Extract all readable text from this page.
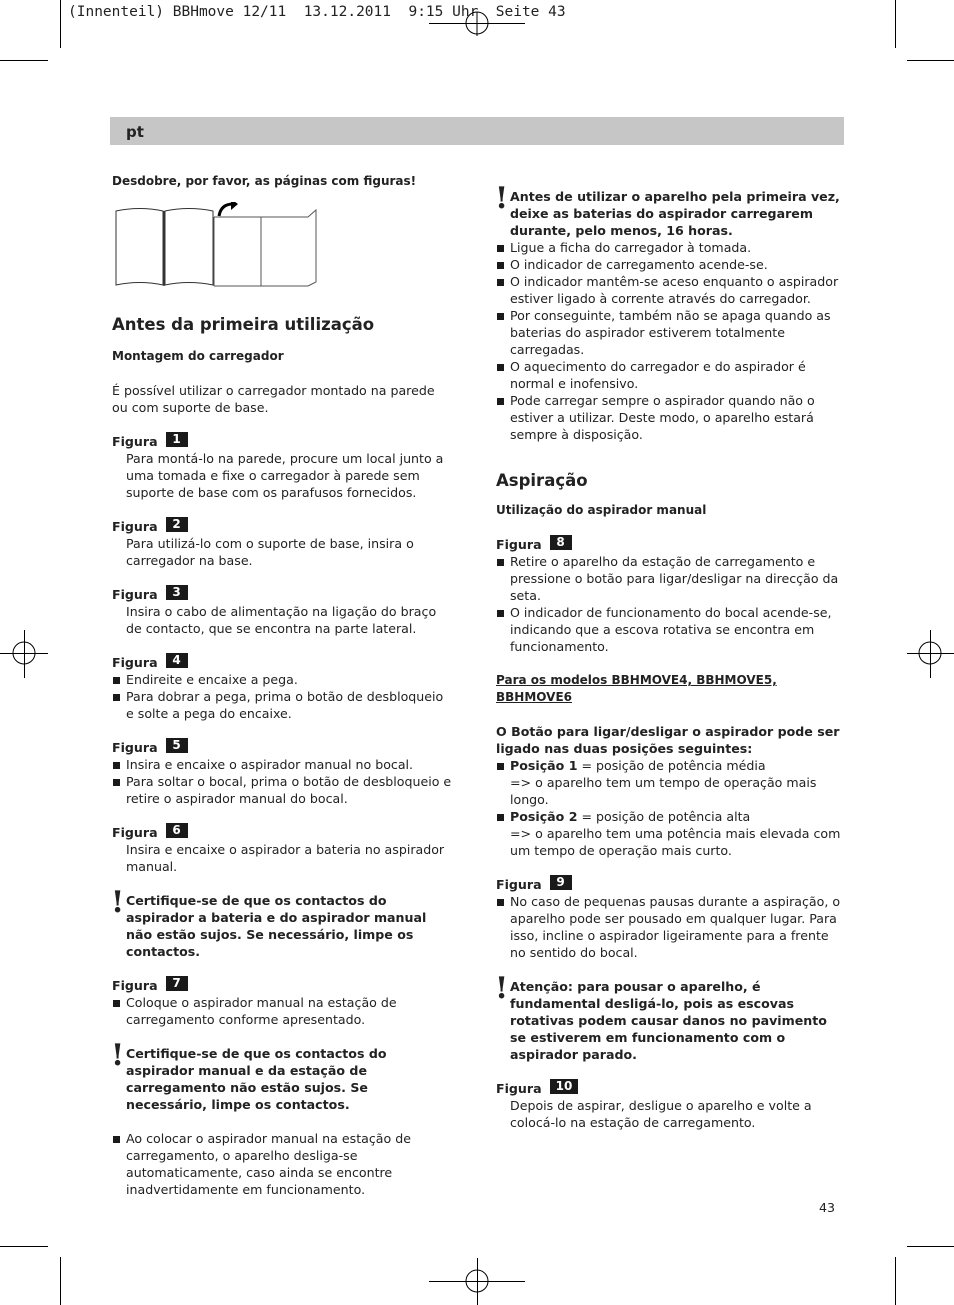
(Innenteil) BBHmove 12/11  13.12.2011  9:15 Uhr  Seite 43
pt
Desdobre, por favor, as páginas com figuras!
Antes da primeira utilização
Montagem do carregador
É possível utilizar o carregador montado na parede ou com suporte de base.
Figura	1
Para montá-lo na parede, procure um local junto a uma tomada e fixe o carregador à parede sem suporte de base com os parafusos fornecidos.
Figura	2
Para utilizá-lo com o suporte de base, insira o carregador na base.
Figura	3
Insira o cabo de alimentação na ligação do braço de contacto, que se encontra na parte lateral.
Figura	4
Endireite e encaixe a pega.
Para dobrar a pega, prima o botão de desbloqueio e solte a pega do encaixe.
Figura	5
Insira e encaixe o aspirador manual no bocal.
Para soltar o bocal, prima o botão de desbloqueio e retire o aspirador manual do bocal.
Figura	6
Insira e encaixe o aspirador a bateria no aspirador manual.
! Certifique-se de que os contactos do aspirador a bateria e do aspirador manual não estão sujos. Se necessário, limpe os contactos.
Figura	7
Coloque o aspirador manual na estação de carregamento conforme apresentado.
! Certifique-se de que os contactos do aspirador manual e da estação de carregamento não estão sujos. Se necessário, limpe os contactos.
Ao colocar o aspirador manual na estação de carregamento, o aparelho desliga-se automaticamente, caso ainda se encontre inadvertidamente em funcionamento.
! Antes de utilizar o aparelho pela primeira vez, deixe as baterias do aspirador carregarem durante, pelo menos, 16 horas.
Ligue a ficha do carregador à tomada.
O indicador de carregamento acende-se.
O indicador mantêm-se aceso enquanto o aspirador estiver ligado à corrente através do carregador.
Por conseguinte, também não se apaga quando as baterias do aspirador estiverem totalmente carregadas.
O aquecimento do carregador e do aspirador é normal e inofensivo.
Pode carregar sempre o aspirador quando não o estiver a utilizar. Deste modo, o aparelho estará sempre à disposição.
Aspiração
Utilização do aspirador manual
Figura	8
Retire o aparelho da estação de carregamento e pressione o botão para ligar/desligar na direcção da seta.
O indicador de funcionamento do bocal acende-se, indicando que a escova rotativa se encontra em funcionamento.
Para os modelos BBHMOVE4, BBHMOVE5, BBHMOVE6
O Botão para ligar/desligar o aspirador pode ser ligado nas duas posições seguintes:
Posição 1 = posição de potência média
=> o aparelho tem um tempo de operação mais longo.
Posição 2 = posição de potência alta
=> o aparelho tem uma potência mais elevada com um tempo de operação mais curto.
Figura	9
No caso de pequenas pausas durante a aspiração, o aparelho pode ser pousado em qualquer lugar. Para isso, incline o aspirador ligeiramente para a frente no sentido do bocal.
! Atenção: para pousar o aparelho, é fundamental desligá-lo, pois as escovas rotativas podem causar danos no pavimento se estiverem em funcionamento com o aspirador parado.
Figura	10
Depois de aspirar, desligue o aparelho e volte a colocá-lo na estação de carregamento.
43
